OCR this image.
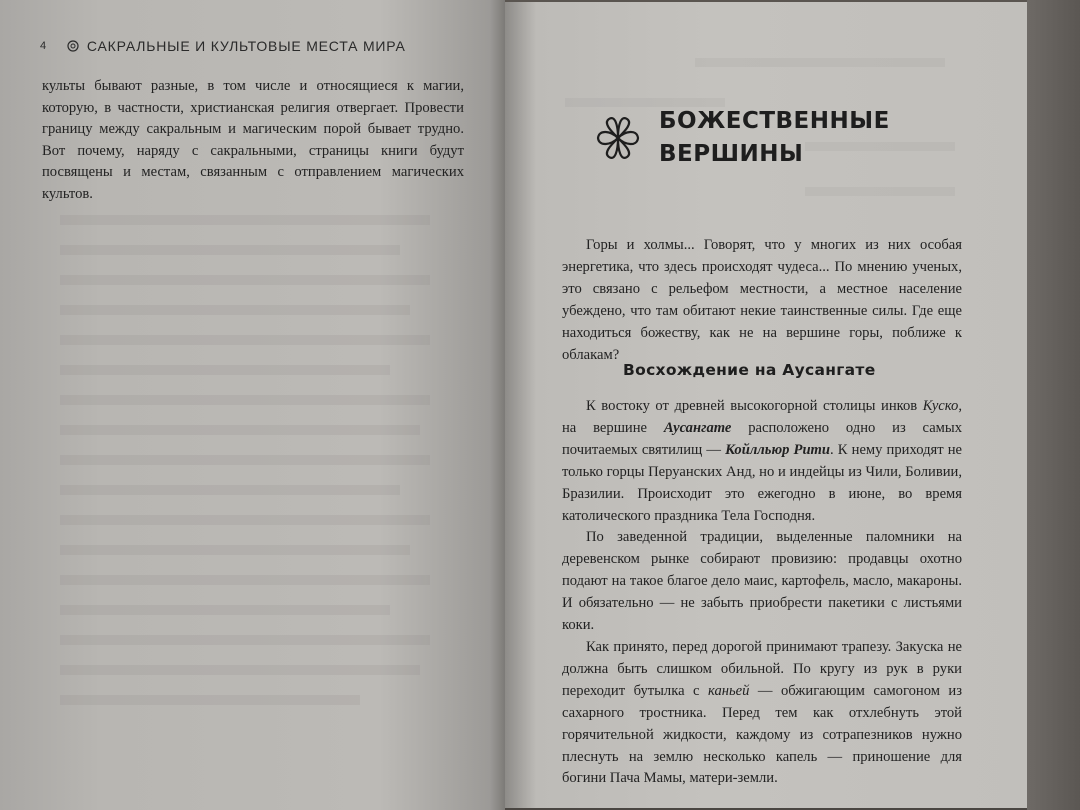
4	САКРАЛЬНЫЕ И КУЛЬТОВЫЕ МЕСТА МИРА
культы бывают разные, в том числе и относящиеся к магии, которую, в частности, христианская религия отвергает. Провести границу между сакральным и магическим порой бывает трудно. Вот почему, наряду с сакральными, страницы книги будут посвящены и местам, связанным с отправлением магических культов.
БОЖЕСТВЕННЫЕ ВЕРШИНЫ

Горы и холмы... Говорят, что у многих из них особая энергетика, что здесь происходят чудеса... По мнению ученых, это связано с рельефом местности, а местное население убеждено, что там обитают некие таинственные силы. Где еще находиться божеству, как не на вершине горы, поближе к облакам?

Восхождение на Аусангате

К востоку от древней высокогорной столицы инков Куско, на вершине Аусангате расположено одно из самых почитаемых святилищ — Койлльюр Рити. К нему приходят не только горцы Перуанских Анд, но и индейцы из Чили, Боливии, Бразилии. Происходит это ежегодно в июне, во время католического праздника Тела Господня.

По заведенной традиции, выделенные паломники на деревенском рынке собирают провизию: продавцы охотно подают на такое благое дело маис, картофель, масло, макароны. И обязательно — не забыть приобрести пакетики с листьями коки.

Как принято, перед дорогой принимают трапезу. Закуска не должна быть слишком обильной. По кругу из рук в руки переходит бутылка с каньей — обжигающим самогоном из сахарного тростника. Перед тем как отхлебнуть этой горячительной жидкости, каждому из сотрапезников нужно плеснуть на землю несколько капель — приношение для богини Пача Мамы, матери-земли.
